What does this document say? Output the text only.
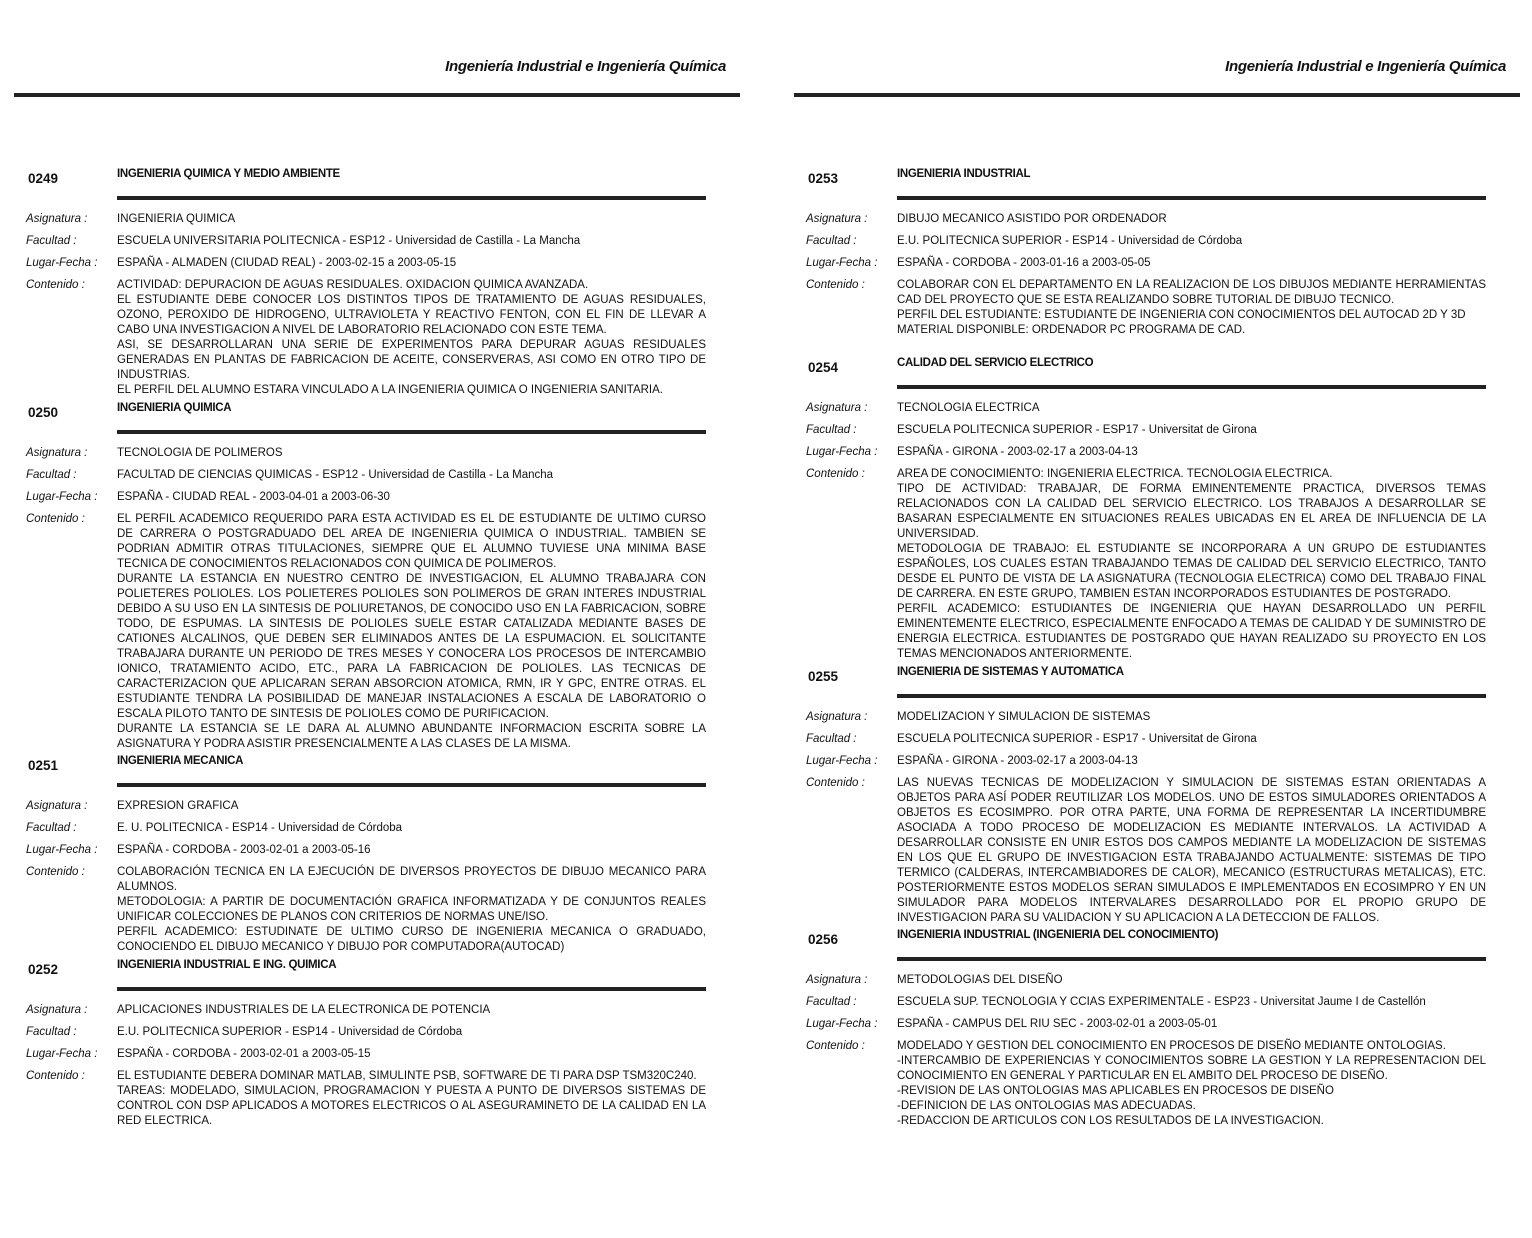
Ingeniería Industrial e Ingeniería Química
0249	INGENIERIA QUIMICA Y MEDIO AMBIENTE
Asignatura :	INGENIERIA QUIMICA
Facultad :	ESCUELA UNIVERSITARIA POLITECNICA - ESP12 - Universidad de Castilla - La Mancha
Lugar-Fecha :	ESPAÑA - ALMADEN (CIUDAD REAL) - 2003-02-15 a 2003-05-15
Contenido :	ACTIVIDAD: DEPURACION DE AGUAS RESIDUALES. OXIDACION QUIMICA AVANZADA.
EL ESTUDIANTE DEBE CONOCER LOS DISTINTOS TIPOS DE TRATAMIENTO DE AGUAS RESIDUALES, OZONO, PEROXIDO DE HIDROGENO, ULTRAVIOLETA Y REACTIVO FENTON, CON EL FIN DE LLEVAR A CABO UNA INVESTIGACION A NIVEL DE LABORATORIO RELACIONADO CON ESTE TEMA.
ASI, SE DESARROLLARAN UNA SERIE DE EXPERIMENTOS PARA DEPURAR AGUAS RESIDUALES GENERADAS EN PLANTAS DE FABRICACION DE ACEITE, CONSERVERAS, ASI COMO EN OTRO TIPO DE INDUSTRIAS.
EL PERFIL DEL ALUMNO ESTARA VINCULADO A LA INGENIERIA QUIMICA O INGENIERIA SANITARIA.
0250	INGENIERIA QUIMICA
Asignatura :	TECNOLOGIA DE POLIMEROS
Facultad :	FACULTAD DE CIENCIAS QUIMICAS - ESP12 - Universidad de Castilla - La Mancha
Lugar-Fecha :	ESPAÑA - CIUDAD REAL - 2003-04-01 a 2003-06-30
Contenido :	EL PERFIL ACADEMICO REQUERIDO PARA ESTA ACTIVIDAD ES EL DE ESTUDIANTE DE ULTIMO CURSO DE CARRERA O POSTGRADUADO DEL AREA DE INGENIERIA QUIMICA O INDUSTRIAL. TAMBIEN SE PODRIAN ADMITIR OTRAS TITULACIONES, SIEMPRE QUE EL ALUMNO TUVIESE UNA MINIMA BASE TECNICA DE CONOCIMIENTOS RELACIONADOS CON QUIMICA DE POLIMEROS.
DURANTE LA ESTANCIA EN NUESTRO CENTRO DE INVESTIGACION, EL ALUMNO TRABAJARA CON POLIETERES POLIOLES. LOS POLIETERES POLIOLES SON POLIMEROS DE GRAN INTERES INDUSTRIAL DEBIDO A SU USO EN LA SINTESIS DE POLIURETANOS, DE CONOCIDO USO EN LA FABRICACION, SOBRE TODO, DE ESPUMAS. LA SINTESIS DE POLIOLES SUELE ESTAR CATALIZADA MEDIANTE BASES DE CATIONES ALCALINOS, QUE DEBEN SER ELIMINADOS ANTES DE LA ESPUMACION. EL SOLICITANTE TRABAJARA DURANTE UN PERIODO DE TRES MESES Y CONOCERA LOS PROCESOS DE INTERCAMBIO IONICO, TRATAMIENTO ACIDO, ETC., PARA LA FABRICACION DE POLIOLES. LAS TECNICAS DE CARACTERIZACION QUE APLICARAN SERAN ABSORCION ATOMICA, RMN, IR Y GPC, ENTRE OTRAS. EL ESTUDIANTE TENDRA LA POSIBILIDAD DE MANEJAR INSTALACIONES A ESCALA DE LABORATORIO O ESCALA PILOTO TANTO DE SINTESIS DE POLIOLES COMO DE PURIFICACION.
DURANTE LA ESTANCIA SE LE DARA AL ALUMNO ABUNDANTE INFORMACION ESCRITA SOBRE LA ASIGNATURA Y PODRA ASISTIR PRESENCIALMENTE A LAS CLASES DE LA MISMA.
0251	INGENIERIA MECANICA
Asignatura :	EXPRESION GRAFICA
Facultad :	E. U. POLITECNICA - ESP14 - Universidad de Córdoba
Lugar-Fecha :	ESPAÑA - CORDOBA - 2003-02-01 a 2003-05-16
Contenido :	COLABORACIÓN TECNICA EN LA EJECUCIÓN DE DIVERSOS PROYECTOS DE DIBUJO MECANICO PARA ALUMNOS.
METODOLOGIA: A PARTIR DE DOCUMENTACIÓN GRAFICA INFORMATIZADA Y DE CONJUNTOS REALES UNIFICAR COLECCIONES DE PLANOS CON CRITERIOS DE NORMAS UNE/ISO.
PERFIL ACADEMICO: ESTUDINATE DE ULTIMO CURSO DE INGENIERIA MECANICA O GRADUADO, CONOCIENDO EL DIBUJO MECANICO Y DIBUJO POR COMPUTADORA(AUTOCAD)
0252	INGENIERIA INDUSTRIAL E ING. QUIMICA
Asignatura :	APLICACIONES INDUSTRIALES DE LA ELECTRONICA DE POTENCIA
Facultad :	E.U. POLITECNICA SUPERIOR - ESP14 - Universidad de Córdoba
Lugar-Fecha :	ESPAÑA - CORDOBA - 2003-02-01 a 2003-05-15
Contenido :	EL ESTUDIANTE DEBERA DOMINAR MATLAB, SIMULINTE PSB, SOFTWARE DE TI PARA DSP TSM320C240.
TAREAS: MODELADO, SIMULACION, PROGRAMACION Y PUESTA A PUNTO DE DIVERSOS SISTEMAS DE CONTROL CON DSP APLICADOS A MOTORES ELECTRICOS O AL ASEGURAMINETO DE LA CALIDAD EN LA RED ELECTRICA.
Ingeniería Industrial e Ingeniería Química
0253	INGENIERIA INDUSTRIAL
Asignatura :	DIBUJO MECANICO ASISTIDO POR ORDENADOR
Facultad :	E.U. POLITECNICA SUPERIOR - ESP14 - Universidad de Córdoba
Lugar-Fecha :	ESPAÑA - CORDOBA - 2003-01-16 a 2003-05-05
Contenido :	COLABORAR CON EL DEPARTAMENTO EN LA REALIZACION DE LOS DIBUJOS MEDIANTE HERRAMIENTAS CAD DEL PROYECTO QUE SE ESTA REALIZANDO SOBRE TUTORIAL DE DIBUJO TECNICO.
PERFIL DEL ESTUDIANTE: ESTUDIANTE DE INGENIERIA CON CONOCIMIENTOS DEL AUTOCAD 2D Y 3D
MATERIAL DISPONIBLE: ORDENADOR PC PROGRAMA DE CAD.
0254	CALIDAD DEL SERVICIO ELECTRICO
Asignatura :	TECNOLOGIA ELECTRICA
Facultad :	ESCUELA POLITECNICA SUPERIOR - ESP17 - Universitat de Girona
Lugar-Fecha :	ESPAÑA - GIRONA - 2003-02-17 a 2003-04-13
Contenido :	AREA DE CONOCIMIENTO: INGENIERIA ELECTRICA. TECNOLOGIA ELECTRICA.
TIPO DE ACTIVIDAD: TRABAJAR, DE FORMA EMINENTEMENTE PRACTICA, DIVERSOS TEMAS RELACIONADOS CON LA CALIDAD DEL SERVICIO ELECTRICO. LOS TRABAJOS A DESARROLLAR SE BASARAN ESPECIALMENTE EN SITUACIONES REALES UBICADAS EN EL AREA DE INFLUENCIA DE LA UNIVERSIDAD.
METODOLOGIA DE TRABAJO: EL ESTUDIANTE SE INCORPORARA A UN GRUPO DE ESTUDIANTES ESPAÑOLES, LOS CUALES ESTAN TRABAJANDO TEMAS DE CALIDAD DEL SERVICIO ELECTRICO, TANTO DESDE EL PUNTO DE VISTA DE LA ASIGNATURA (TECNOLOGIA ELECTRICA) COMO DEL TRABAJO FINAL DE CARRERA. EN ESTE GRUPO, TAMBIEN ESTAN INCORPORADOS ESTUDIANTES DE POSTGRADO.
PERFIL ACADEMICO: ESTUDIANTES DE INGENIERIA QUE HAYAN DESARROLLADO UN PERFIL EMINENTEMENTE ELECTRICO, ESPECIALMENTE ENFOCADO A TEMAS DE CALIDAD Y DE SUMINISTRO DE ENERGIA ELECTRICA. ESTUDIANTES DE POSTGRADO QUE HAYAN REALIZADO SU PROYECTO EN LOS TEMAS MENCIONADOS ANTERIORMENTE.
0255	INGENIERIA DE SISTEMAS Y AUTOMATICA
Asignatura :	MODELIZACION Y SIMULACION DE SISTEMAS
Facultad :	ESCUELA POLITECNICA SUPERIOR - ESP17 - Universitat de Girona
Lugar-Fecha :	ESPAÑA - GIRONA - 2003-02-17 a 2003-04-13
Contenido :	LAS NUEVAS TECNICAS DE MODELIZACION Y SIMULACION DE SISTEMAS ESTAN ORIENTADAS A OBJETOS PARA ASÍ PODER REUTILIZAR LOS MODELOS. UNO DE ESTOS SIMULADORES ORIENTADOS A OBJETOS ES ECOSIMPRO. POR OTRA PARTE, UNA FORMA DE REPRESENTAR LA INCERTIDUMBRE ASOCIADA A TODO PROCESO DE MODELIZACION ES MEDIANTE INTERVALOS. LA ACTIVIDAD A DESARROLLAR CONSISTE EN UNIR ESTOS DOS CAMPOS MEDIANTE LA MODELIZACION DE SISTEMAS EN LOS QUE EL GRUPO DE INVESTIGACION ESTA TRABAJANDO ACTUALMENTE: SISTEMAS DE TIPO TERMICO (CALDERAS, INTERCAMBIADORES DE CALOR), MECANICO (ESTRUCTURAS METALICAS), ETC. POSTERIORMENTE ESTOS MODELOS SERAN SIMULADOS E IMPLEMENTADOS EN ECOSIMPRO Y EN UN SIMULADOR PARA MODELOS INTERVALARES DESARROLLADO POR EL PROPIO GRUPO DE INVESTIGACION PARA SU VALIDACION Y SU APLICACION A LA DETECCION DE FALLOS.
0256	INGENIERIA INDUSTRIAL (INGENIERIA DEL CONOCIMIENTO)
Asignatura :	METODOLOGIAS DEL DISEÑO
Facultad :	ESCUELA SUP. TECNOLOGIA Y CCIAS EXPERIMENTALE - ESP23 - Universitat Jaume I de Castellón
Lugar-Fecha :	ESPAÑA - CAMPUS DEL RIU SEC - 2003-02-01 a 2003-05-01
Contenido :	MODELADO Y GESTION DEL CONOCIMIENTO EN PROCESOS DE DISEÑO MEDIANTE ONTOLOGIAS.
-INTERCAMBIO DE EXPERIENCIAS Y CONOCIMIENTOS SOBRE LA GESTION Y LA REPRESENTACION DEL CONOCIMIENTO EN GENERAL Y PARTICULAR EN EL AMBITO DEL PROCESO DE DISEÑO.
-REVISION DE LAS ONTOLOGIAS MAS APLICABLES EN PROCESOS DE DISEÑO
-DEFINICION DE LAS ONTOLOGIAS MAS ADECUADAS.
-REDACCION DE ARTICULOS CON LOS RESULTADOS DE LA INVESTIGACION.
